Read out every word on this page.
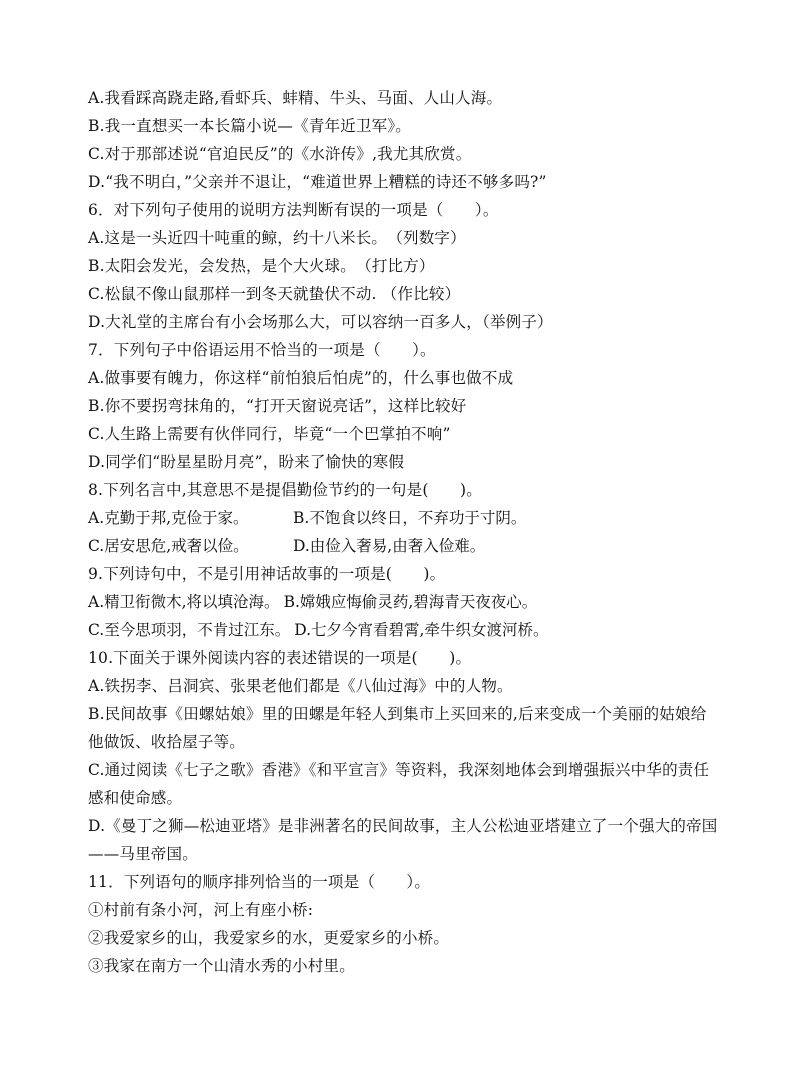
A.我看踩高跷走路,看虾兵、蚌精、牛头、马面、人山人海。
B.我一直想买一本长篇小说—《青年近卫军》。
C.对于那部述说“官迫民反”的《水浒传》,我尤其欣赏。
D.“我不明白，”父亲并不退让，“难道世界上糟糕的诗还不够多吗?”
6．对下列句子使用的说明方法判断有误的一项是（　　）。
A.这是一头近四十吨重的鲸，约十八米长。　（列数字）
B.太阳会发光，会发热，是个大火球。　（打比方）
C.松鼠不像山鼠那样一到冬天就蛰伏不动. （作比较）
D.大礼堂的主席台有小会场那么大，可以容纳一百多人，（举例子）
7．下列句子中俗语运用不恰当的一项是（　　）。
A.做事要有魄力，你这样“前怕狼后怕虎”的，什么事也做不成
B.你不要拐弯抹角的，“打开天窗说亮话”，这样比较好
C.人生路上需要有伙伴同行，毕竟“一个巴掌拍不响”
D.同学们“盼星星盼月亮”，盼来了愉快的寒假
8.下列名言中,其意思不是提倡勤俭节约的一句是(　　)。
A.克勤于邦,克俭于家。	B.不饱食以终日，不弃功于寸阴。
C.居安思危,戒奢以俭。	D.由俭入奢易,由奢入俭难。
9.下列诗句中，不是引用神话故事的一项是(　　)。
A.精卫衔微木,将以填沧海。 B.嫦娥应悔偷灵药,碧海青天夜夜心。
C.至今思项羽，不肯过江东。 D.七夕今宵看碧霄,牵牛织女渡河桥。
10.下面关于课外阅读内容的表述错误的一项是(　　)。
A.铁拐李、吕洞宾、张果老他们都是《八仙过海》中的人物。
B.民间故事《田螺姑娘》里的田螺是年轻人到集市上买回来的,后来变成一个美丽的姑娘给他做饭、收拾屋子等。
C.通过阅读《七子之歌》香港》《和平宣言》等资料，我深刻地体会到增强振兴中华的责任感和使命感。
D.《曼丁之狮—松迪亚塔》是非洲著名的民间故事，主人公松迪亚塔建立了一个强大的帝国——马里帝国。
11．下列语句的顺序排列恰当的一项是（　　）。
①村前有条小河，河上有座小桥:
②我爱家乡的山，我爱家乡的水，更爱家乡的小桥。
③我家在南方一个山清水秀的小村里。
